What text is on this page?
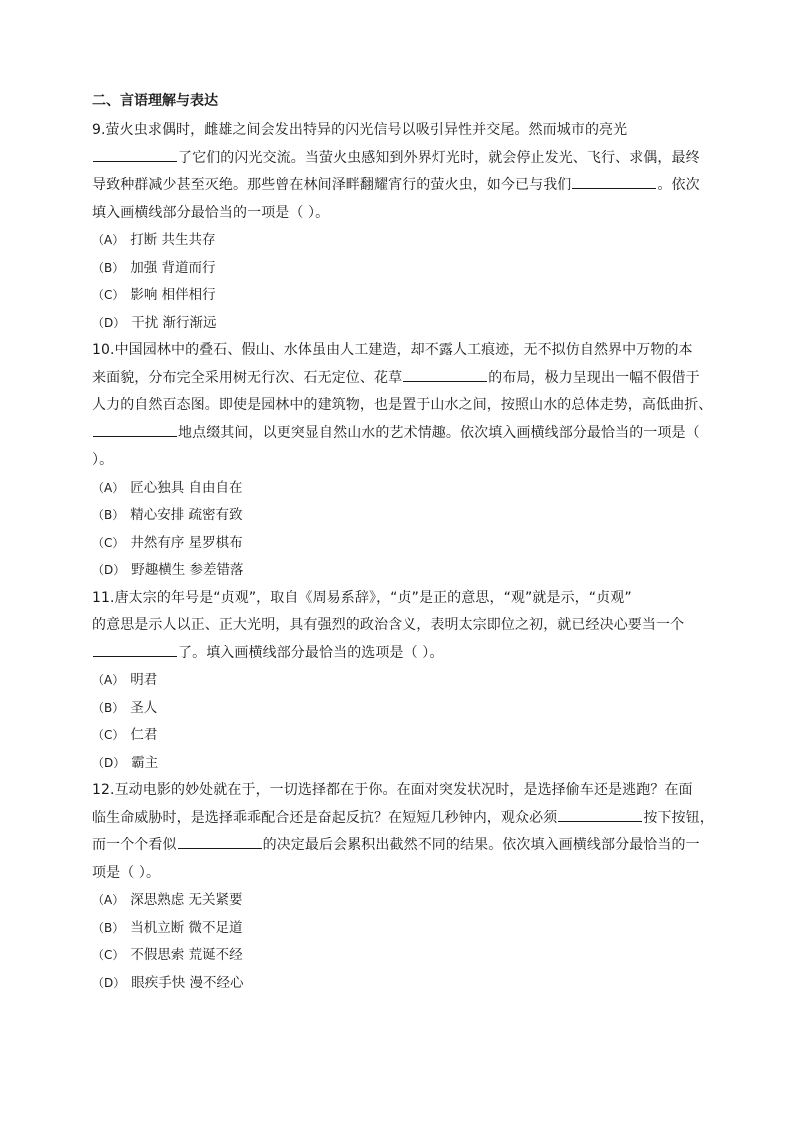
二、言语理解与表达
9.萤火虫求偶时，雌雄之间会发出特异的闪光信号以吸引异性并交尾。然而城市的亮光
了它们的闪光交流。当萤火虫感知到外界灯光时，就会停止发光、飞行、求偶，最终
导致种群减少甚至灭绝。那些曾在林间泽畔翻耀宵行的萤火虫，如今已与我们	。依次
填入画横线部分最恰当的一项是（ ）。
（A） 打断 共生共存
（B） 加强 背道而行
（C） 影响 相伴相行
（D） 干扰 渐行渐远
10.中国园林中的叠石、假山、水体虽由人工建造，却不露人工痕迹，无不拟仿自然界中万物的本
来面貌，分布完全采用树无行次、石无定位、花草	的布局，极力呈现出一幅不假借于
人力的自然百态图。即使是园林中的建筑物，也是置于山水之间，按照山水的总体走势，高低曲折、
地点缀其间，以更突显自然山水的艺术情趣。依次填入画横线部分最恰当的一项是（
）。
（A） 匠心独具 自由自在
（B） 精心安排 疏密有致
（C） 井然有序 星罗棋布
（D） 野趣横生 参差错落
11.唐太宗的年号是“贞观”，取自《周易系辞》，“贞”是正的意思，“观”就是示，“贞观”
的意思是示人以正、正大光明，具有强烈的政治含义，表明太宗即位之初，就已经决心要当一个
了。填入画横线部分最恰当的选项是（ ）。
（A） 明君
（B） 圣人
（C） 仁君
（D） 霸主
12.互动电影的妙处就在于，一切选择都在于你。在面对突发状况时，是选择偷车还是逃跑？在面
临生命威胁时，是选择乖乖配合还是奋起反抗？在短短几秒钟内，观众必须	按下按钮，
而一个个看似	的决定最后会累积出截然不同的结果。依次填入画横线部分最恰当的一
项是（ ）。
（A） 深思熟虑 无关紧要
（B） 当机立断 微不足道
（C） 不假思索 荒诞不经
（D） 眼疾手快 漫不经心
